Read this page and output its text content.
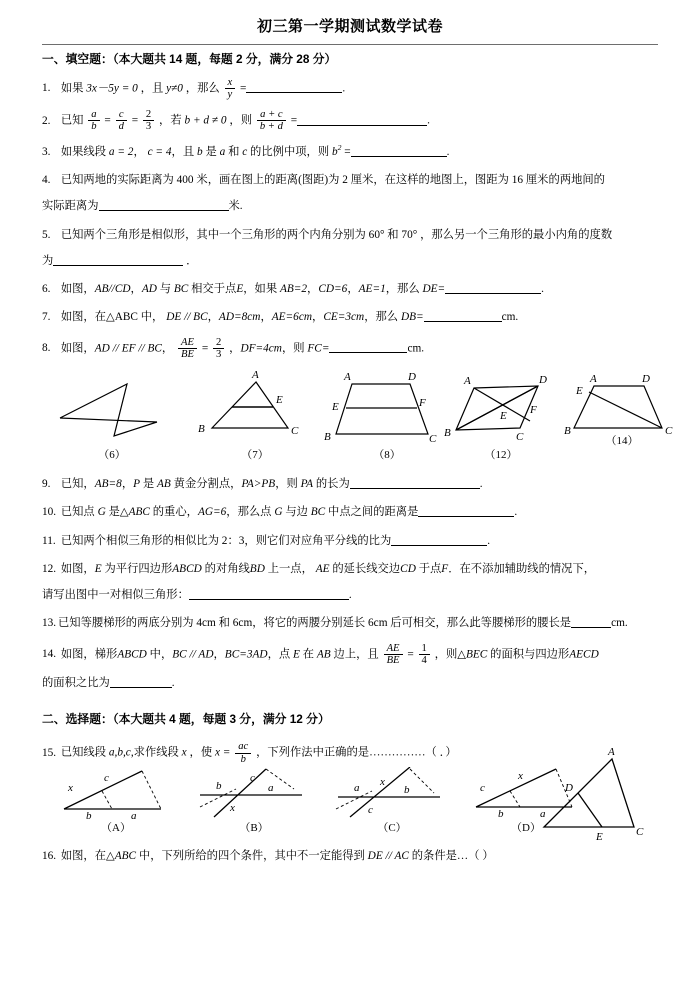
初三第一学期测试数学试卷
一、填空题：（本大题共 14 题，每题 2 分，满分 28 分）
1. 如果 3x－5y = 0 ，且 y≠0 ，那么 $\frac{x}{y}$ =	.
2. 已知 $\frac{a}{b} = \frac{c}{d} = \frac{2}{3}$ ，若 b + d ≠ 0 ，则 $\frac{a + c}{b + d}$ =	.
3. 如果线段 a = 2， c = 4，且 b 是 a 和 c 的比例中项，则 $b^2$ =	.
4. 已知两地的实际距离为 400 米，画在图上的距离(图距)为 2 厘米，在这样的地图上，图距为 16 厘米的两地间的
实际距离为	米.
5. 已知两个三角形是相似形，其中一个三角形的两个内角分别为 60° 和 70° ，那么另一个三角形的最小内角的度数
为	．
6. 如图，AB//CD，AD 与 BC 相交于点E，如果 AB=2，CD=6，AE=1，那么 DE=	.
7. 如图，在△ABC 中， DE // BC，AD=8cm，AE=6cm，CE=3cm，那么 DB=	cm.
8. 如图，AD // EF // BC， $\frac{AE}{BE} = \frac{2}{3}$ ，DF=4cm，则 FC=	cm.
（6）
A
B	C
E
（7）
A	D
E	F
B	C
（8）
A	D
E F
B	C
（12）
A	D
E
B	C
（14）
9. 已知，AB=8，P 是 AB 黄金分割点，PA>PB，则 PA 的长为	.
10. 已知点 G 是△ABC 的重心，AG=6，那么点 G 与边 BC 中点之间的距离是	.
11. 已知两个相似三角形的相似比为 2：3，则它们对应角平分线的比为	.
12. 如图，E 为平行四边形ABCD 的对角线BD 上一点， AE 的延长线交边CD 于点F．在不添加辅助线的情况下，
请写出图中一对相似三角形：	.
13. 已知等腰梯形的两底分别为 4cm 和 6cm，将它的两腰分别延长 6cm 后可相交，那么此等腰梯形的腰长是	cm.
14. 如图，梯形ABCD 中，BC // AD，BC=3AD，点 E 在 AB 边上，且 $\frac{AE}{BE} = \frac{1}{4}$ ，则△BEC 的面积与四边形AECD
的面积之比为	.
二、选择题：（本大题共 4 题，每题 3 分，满分 12 分）
15. 已知线段 a,b,c,求作线段 x ，使 $x = \frac{ac}{b}$ ，下列作法中正确的是……………（ ．）	A
D
E	C
x
c
b	a
（A）
b
c
a
x
（B）
a x
b
c
（C）
c
x
b	a
（D）
16. 如图，在△ABC 中，下列所给的四个条件，其中不一定能得到 DE // AC 的条件是…（ ）
